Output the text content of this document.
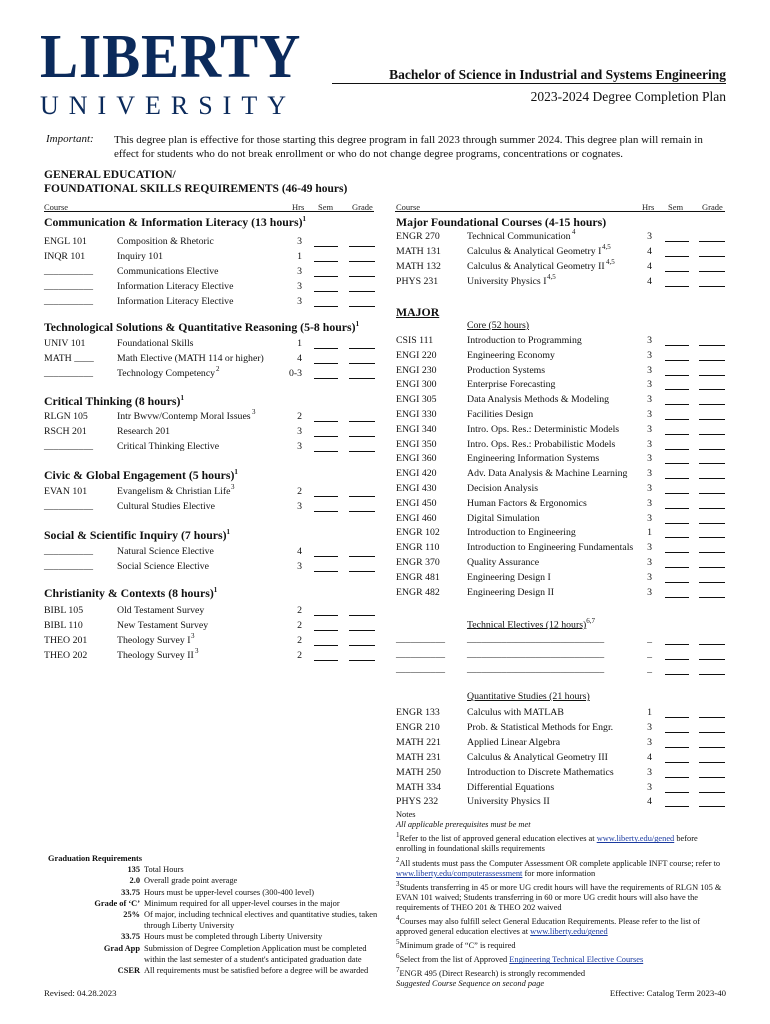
LIBERTY
UNIVERSITY
Bachelor of Science in Industrial and Systems Engineering
2023-2024 Degree Completion Plan
Important: This degree plan is effective for those starting this degree program in fall 2023 through summer 2024. This degree plan will remain in effect for students who do not break enrollment or who do not change degree programs, concentrations or cognates.
GENERAL EDUCATION/
FOUNDATIONAL SKILLS REQUIREMENTS (46-49 hours)
Course	Hrs Sem Grade	Course	Hrs Sem Grade
Communication & Information Literacy (13 hours)$^1$
ENGL 101	Composition & Rhetoric	3
INQR 101	Inquiry 101	1
__________ Communications Elective	3
__________ Information Literacy Elective	3
__________ Information Literacy Elective	3
Technological Solutions & Quantitative Reasoning (5-8 hours)$^1$
UNIV 101	Foundational Skills	1
MATH ____ Math Elective (MATH 114 or higher)	4
__________ Technology Competency 2	0-3
Critical Thinking (8 hours)$^1$
RLGN 105	Intr Bwvw/Contemp Moral Issues 3	2
RSCH 201	Research 201	3
__________ Critical Thinking Elective	3
Civic & Global Engagement (5 hours)$^1$
EVAN 101	Evangelism & Christian Life 3	2
__________ Cultural Studies Elective	3
Social & Scientific Inquiry (7 hours)$^1$
__________ Natural Science Elective	4
__________ Social Science Elective	3
Christianity & Contexts (8 hours)$^1$
BIBL 105	Old Testament Survey	2
BIBL 110	New Testament Survey	2
THEO 201	Theology Survey I 3	2
THEO 202	Theology Survey II 3	2
Major Foundational Courses (4-15 hours)
ENGR 270	Technical Communication 4	3
MATH 131	Calculus & Analytical Geometry I 4,5	4
MATH 132	Calculus & Analytical Geometry II 4,5	4
PHYS 231	University Physics I 4,5	4
MAJOR
Core (52 hours)
CSIS 111	Introduction to Programming	3
ENGI 220	Engineering Economy	3
ENGI 230	Production Systems	3
ENGI 300	Enterprise Forecasting	3
ENGI 305	Data Analysis Methods & Modeling	3
ENGI 330	Facilities Design	3
ENGI 340	Intro. Ops. Res.: Deterministic Models	3
ENGI 350	Intro. Ops. Res.: Probabilistic Models	3
ENGI 360	Engineering Information Systems	3
ENGI 420	Adv. Data Analysis & Machine Learning	3
ENGI 430	Decision Analysis	3
ENGI 450	Human Factors & Ergonomics	3
ENGI 460	Digital Simulation	3
ENGR 102	Introduction to Engineering	1
ENGR 110	Introduction to Engineering Fundamentals	3
ENGR 370	Quality Assurance	3
ENGR 481	Engineering Design I	3
ENGR 482	Engineering Design II	3
Technical Electives (12 hours)$^{6,7}$
__________ ____________________________	_
__________ ____________________________	_
__________ ____________________________	_
Quantitative Studies (21 hours)
ENGR 133	Calculus with MATLAB	1
ENGR 210	Prob. & Statistical Methods for Engr.	3
MATH 221	Applied Linear Algebra	3
MATH 231	Calculus & Analytical Geometry III	4
MATH 250	Introduction to Discrete Mathematics	3
MATH 334	Differential Equations	3
PHYS 232	University Physics II	4
Graduation Requirements
135 Total Hours
2.0 Overall grade point average
33.75 Hours must be upper-level courses (300-400 level)
Grade of ‘C’ Minimum required for all upper-level courses in the major
25% Of major, including technical electives and quantitative studies, taken through Liberty University
33.75 Hours must be completed through Liberty University
Grad App Submission of Degree Completion Application must be completed within the last semester of a student's anticipated graduation date
CSER All requirements must be satisfied before a degree will be awarded
Notes
All applicable prerequisites must be met
$^1$Refer to the list of approved general education electives at www.liberty.edu/gened before enrolling in foundational skills requirements
$^2$All students must pass the Computer Assessment OR complete applicable INFT course; refer to www.liberty.edu/computerassessment for more information
$^3$Students transferring in 45 or more UG credit hours will have the requirements of RLGN 105 & EVAN 101 waived; Students transferring in 60 or more UG credit hours will also have the requirements of THEO 201 & THEO 202 waived
$^4$Courses may also fulfill select General Education Requirements. Please refer to the list of approved general education electives at www.liberty.edu/gened
$^5$Minimum grade of “C” is required
$^6$Select from the list of Approved Engineering Technical Elective Courses
$^7$ENGR 495 (Direct Research) is strongly recommended
Suggested Course Sequence on second page
Revised: 04.28.2023	Effective: Catalog Term 2023-40
